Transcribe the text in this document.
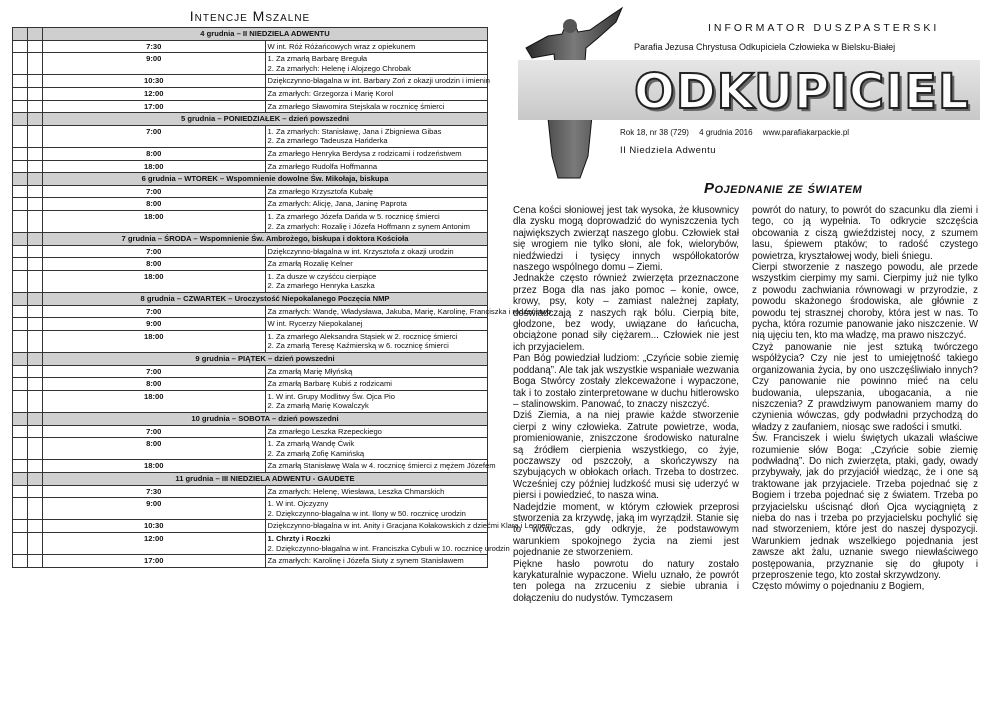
Intencje Mszalne
		4 grudnia – II NIEDZIELA ADWENTU	
		7:30	W int. Róż Różańcowych wraz z opiekunem

		9:00	1. Za zmarłą Barbarę Breguła
2. Za zmarłych: Helenę i Alojzego Chrobak

		10:30	Dziękczynno-błagalna w int. Barbary Zoń z okazji urodzin i imienin

		12:00	Za zmarłych: Grzegorza i Marię Korol

		17:00	Za zmarłego Sławomira Stejskala w rocznicę śmierci

		5 grudnia – PONIEDZIAŁEK – dzień powszedni	
		7:00	1. Za zmarłych: Stanisławę, Jana i Zbigniewa Gibas
2. Za zmarłego Tadeusza Hańderka

		8:00	Za zmarłego Henryka Berdysa z rodzicami i rodzeństwem

		18:00	Za zmarłego Rudolfa Hoffmanna

		6 grudnia – WTOREK – Wspomnienie dowolne Św. Mikołaja, biskupa	
		7:00	Za zmarłego Krzysztofa Kubałę

		8:00	Za zmarłych: Alicję, Jana, Janinę Paprota

		18:00	1. Za zmarłego Józefa Dańda w 5. rocznicę śmierci
2. Za zmarłych: Rozalię i Józefa Hoffmann z synem Antonim

		7 grudnia – ŚRODA – Wspomnienie Św. Ambrożego, biskupa i doktora Kościoła	
		7:00	Dziękczynno-błagalna w int. Krzysztofa z okazji urodzin

		8:00	Za zmarłą Rozalię Kelner

		18:00	1. Za dusze w czyśćcu cierpiące
2. Za zmarłego Henryka Łaszka

		8 grudnia – CZWARTEK – Uroczystość Niepokalanego Poczęcia NMP	
		7:00	Za zmarłych: Wandę, Władysława, Jakuba, Marię, Karolinę, Franciszka i rodzeństwo

		9:00	W int. Rycerzy Niepokalanej

		18:00	1. Za zmarłego Aleksandra Stąsiek w 2. rocznicę śmierci
2. Za zmarłą Teresę Kaźmierską w 6. rocznicę śmierci

		9 grudnia – PIĄTEK – dzień powszedni	
		7:00	Za zmarłą Marię Młyńską

		8:00	Za zmarłą Barbarę Kubiś z rodzicami

		18:00	1. W int. Grupy Modlitwy Św. Ojca Pio
2. Za zmarłą Marię Kowalczyk

		10 grudnia – SOBOTA – dzień powszedni	
		7:00	Za zmarłego Leszka Rzepeckiego

		8:00	1. Za zmarłą Wandę Ćwik
2. Za zmarłą Zofię Kamińską

		18:00	Za zmarłą Stanisławę Wala w 4. rocznicę śmierci z mężem Józefem

		11 grudnia – III NIEDZIELA ADWENTU - GAUDETE	
		7:30	Za zmarłych: Helenę, Wiesława, Leszka Chmarskich

		9:00	1. W int. Ojczyzny
2. Dziękczynno-błagalna w int. Ilony w 50. rocznicę urodzin

		10:30	Dziękczynno-błagalna w int. Anity i Gracjana Kołakowskich z dziećmi Klarą i Leonem

		12:00	1. Chrzty i Roczki
2. Dziękczynno-błagalna w int. Franciszka Cybuli w 10. rocznicę urodzin

		17:00	Za zmarłych: Karolinę i Józefa Siuty z synem Stanisławem
INFORMATOR DUSZPASTERSKI
Parafia Jezusa Chrystusa Odkupiciela Człowieka w Bielsku-Białej
ODKUPICIEL
Rok 18, nr 38 (729) 4 grudnia 2016 www.parafiakarpackie.pl
II Niedziela Adwentu
Pojednanie ze światem

Cena kości słoniowej jest tak wysoka, że kłusownicy dla zysku mogą doprowadzić do wyniszczenia tych największych zwierząt naszego globu. Człowiek stał się wrogiem nie tylko słoni, ale fok, wielorybów, niedźwiedzi i tysięcy innych współlokatorów naszego wspólnego domu – Ziemi.

Jednakże często również zwierzęta przeznaczone przez Boga dla nas jako pomoc – konie, owce, krowy, psy, koty – zamiast należnej zapłaty, doświadczają z naszych rąk bólu. Cierpią bite, głodzone, bez wody, uwiązane do łańcucha, obciążone ponad siły ciężarem... Człowiek nie jest ich przyjacielem.

Pan Bóg powiedział ludziom: „Czyńcie sobie ziemię poddaną”. Ale tak jak wszystkie wspaniałe wezwania Boga Stwórcy zostały zlekceważone i wypaczone, tak i to zostało zinterpretowane w duchu hitlerowsko – stalinowskim. Panować, to znaczy niszczyć.

Dziś Ziemia, a na niej prawie każde stworzenie cierpi z winy człowieka. Zatrute powietrze, woda, promieniowanie, zniszczone środowisko naturalne są źródłem cierpienia wszystkiego, co żyje, poczawszy od pszczoły, a skończywszy na szybujących w obłokach orłach. Trzeba to dostrzec. Wcześniej czy później ludzkość musi się uderzyć w piersi i powiedzieć, to nasza wina.

Nadejdzie moment, w którym człowiek przeprosi stworzenia za krzywdę, jaką im wyrządził. Stanie się to wówczas, gdy odkryje, że podstawowym warunkiem spokojnego życia na ziemi jest pojednanie ze stworzeniem.

Piękne hasło powrotu do natury zostało karykaturalnie wypaczone. Wielu uznało, że powrót ten polega na zrzuceniu z siebie ubrania i dołączeniu do nudystów. Tymczasem

powrót do natury, to powrót do szacunku dla ziemi i tego, co ją wypełnia. To odkrycie szczęścia obcowania z ciszą gwieździstej nocy, z szumem lasu, śpiewem ptaków; to radość czystego powietrza, kryształowej wody, bieli śniegu.

Cierpi stworzenie z naszego powodu, ale przede wszystkim cierpimy my sami. Cierpimy już nie tylko z powodu zachwiania równowagi w przyrodzie, z powodu skażonego środowiska, ale głównie z powodu tej strasznej choroby, która jest w nas. To pycha, która rozumie panowanie jako niszczenie. W nią ujęciu ten, kto ma władzę, ma prawo niszczyć.

Czyż panowanie nie jest sztuką twórczego współżycia? Czy nie jest to umiejętność takiego organizowania życia, by ono uszczęśliwiało innych? Czy panowanie nie powinno mieć na celu budowania, ulepszania, ubogacania, a nie niszczenia? Z prawdziwym panowaniem mamy do czynienia wówczas, gdy podwładni przychodzą do władzy z zaufaniem, niosąc swe radości i smutki.

Św. Franciszek i wielu świętych ukazali właściwe rozumienie słów Boga: „Czyńcie sobie ziemię podwładną”. Do nich zwierzęta, ptaki, gady, owady przybywały, jak do przyjaciół wiedząc, że i one są traktowane jak przyjaciele. Trzeba pojednać się z Bogiem i trzeba pojednać się z światem. Trzeba po przyjacielsku uścisnąć dłoń Ojca wyciągniętą z nieba do nas i trzeba po przyjacielsku pochylić się nad stworzeniem, które jest do naszej dyspozycji. Warunkiem jednak wszelkiego pojednania jest zawsze akt żalu, uznanie swego niewłaściwego postępowania, przyznanie się do głupoty i przeproszenie tego, kto został skrzywdzony.

Często mówimy o pojednaniu z Bogiem,
